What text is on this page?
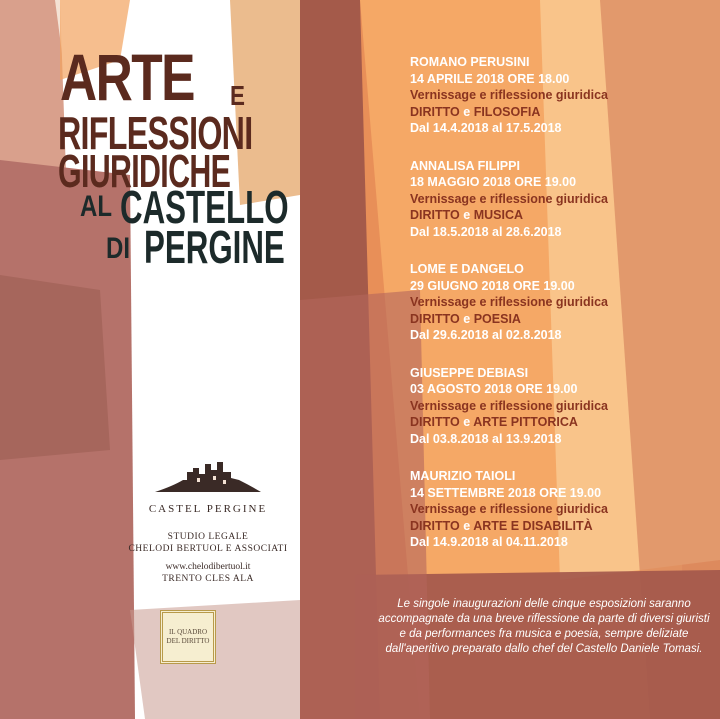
ARTE E
RIFLESSIONI
GIURIDICHE
AL CASTELLO
DI PERGINE
ROMANO PERUSINI
14 APRILE 2018 ORE 18.00
Vernissage e riflessione giuridica
DIRITTO e FILOSOFIA
Dal 14.4.2018 al 17.5.2018
ANNALISA FILIPPI
18 MAGGIO 2018 ORE 19.00
Vernissage e riflessione giuridica
DIRITTO e MUSICA
Dal 18.5.2018 al 28.6.2018
LOME E DANGELO
29 GIUGNO 2018 ORE 19.00
Vernissage e riflessione giuridica
DIRITTO e POESIA
Dal 29.6.2018 al 02.8.2018
GIUSEPPE DEBIASI
03 AGOSTO 2018 ORE 19.00
Vernissage e riflessione giuridica
DIRITTO e ARTE PITTORICA
Dal 03.8.2018 al 13.9.2018
MAURIZIO TAIOLI
14 SETTEMBRE 2018 ORE 19.00
Vernissage e riflessione giuridica
DIRITTO e ARTE E DISABILITÀ
Dal 14.9.2018 al 04.11.2018
Le singole inaugurazioni delle cinque esposizioni saranno accompagnate da una breve riflessione da parte di diversi giuristi e da performances fra musica e poesia, sempre deliziate dall'aperitivo preparato dallo chef del Castello Daniele Tomasi.
CASTEL PERGINE
STUDIO LEGALE
CHELODI BERTUOL E ASSOCIATI
www.chelodibertuol.it
TRENTO CLES ALA
IL QUADRO
DEL DIRITTO
